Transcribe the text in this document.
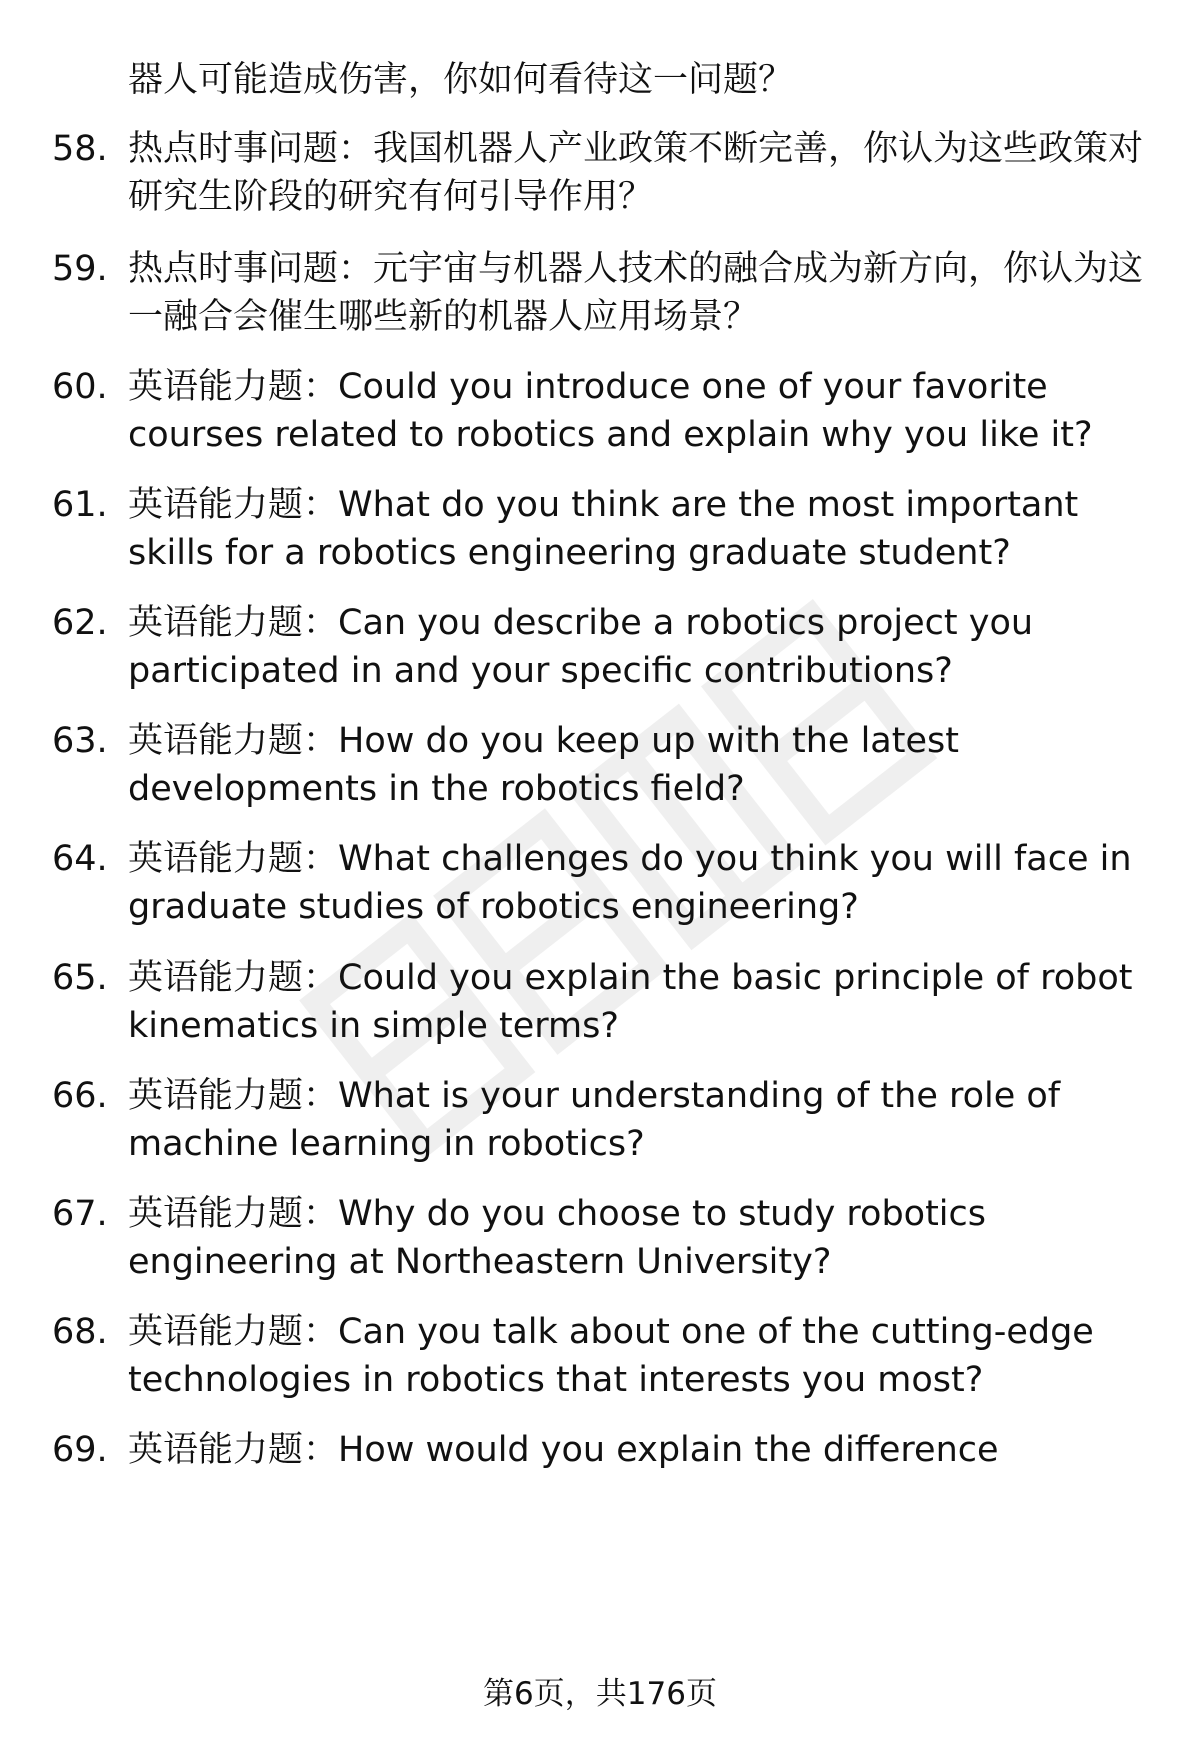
器人可能造成伤害，你如何看待这一问题？

58. 热点时事问题：我国机器人产业政策不断完善，你认为这些政策对研究生阶段的研究有何引导作用？
59. 热点时事问题：元宇宙与机器人技术的融合成为新方向，你认为这一融合会催生哪些新的机器人应用场景？
60. 英语能力题：Could you introduce one of your favorite courses related to robotics and explain why you like it?
61. 英语能力题：What do you think are the most important skills for a robotics engineering graduate student?
62. 英语能力题：Can you describe a robotics project you participated in and your specific contributions?
63. 英语能力题：How do you keep up with the latest developments in the robotics field?
64. 英语能力题：What challenges do you think you will face in graduate studies of robotics engineering?
65. 英语能力题：Could you explain the basic principle of robot kinematics in simple terms?
66. 英语能力题：What is your understanding of the role of machine learning in robotics?
67. 英语能力题：Why do you choose to study robotics engineering at Northeastern University?
68. 英语能力题：Can you talk about one of the cutting-edge technologies in robotics that interests you most?
69. 英语能力题：How would you explain the difference
第6页，共176页
